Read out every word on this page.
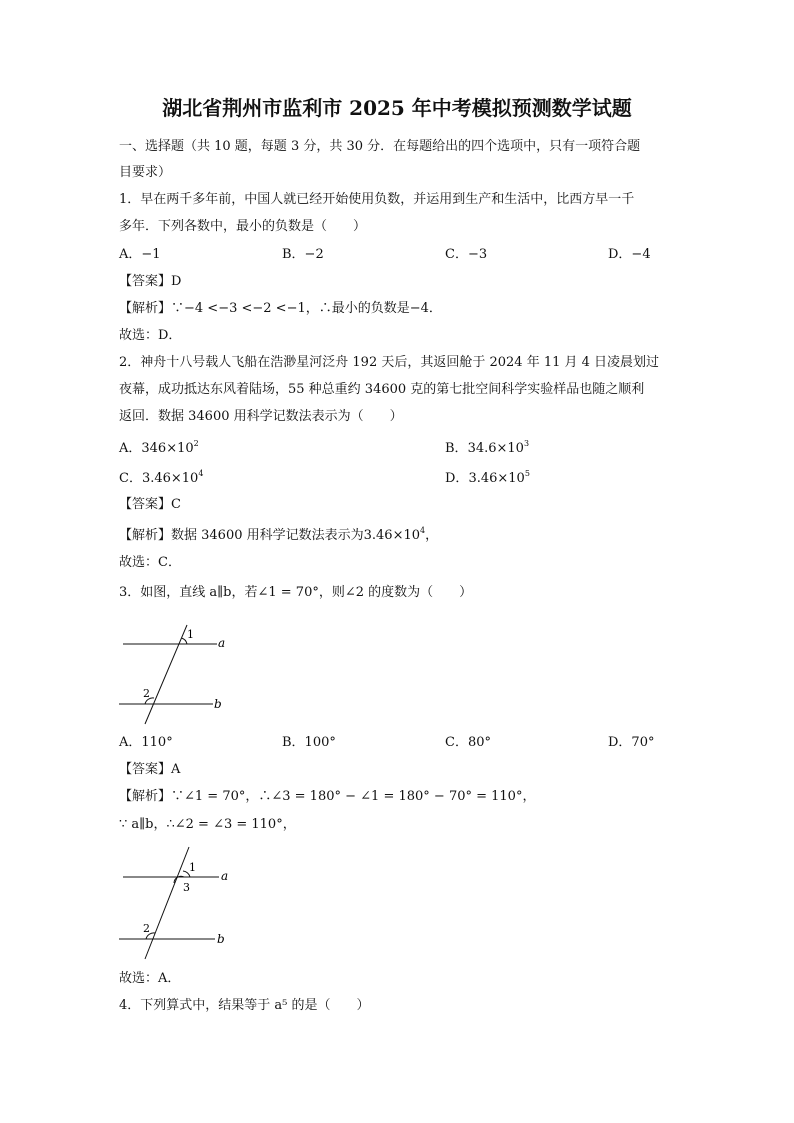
湖北省荆州市监利市 2025 年中考模拟预测数学试题
一、选择题（共 10 题，每题 3 分，共 30 分．在每题给出的四个选项中，只有一项符合题
目要求）
1．早在两千多年前，中国人就已经开始使用负数，并运用到生产和生活中，比西方早一千
多年．下列各数中，最小的负数是（　　）
A．−1	B．−2	C．−3	D．−4
【答案】D
【解析】∵−4 <−3 <−2 <−1，∴最小的负数是−4．
故选：D．
2．神舟十八号载人飞船在浩渺星河泛舟 192 天后，其返回舱于 2024 年 11 月 4 日凌晨划过
夜幕，成功抵达东风着陆场，55 种总重约 34600 克的第七批空间科学实验样品也随之顺利
返回．数据 34600 用科学记数法表示为（　　）
A．$346\times 10^2$	B．$34.6\times 10^3$
C．$3.46\times 10^4$	D．$3.46\times 10^5$
【答案】C
【解析】数据 34600 用科学记数法表示为$3.46\times 10^4$，
故选：C．
3．如图，直线 a∥b，若∠1 = 70°，则∠2 的度数为（　　）
1
2
a
b
A．110°	B．100°	C．80°	D．70°
【答案】A
【解析】∵∠1 = 70°，∴∠3 = 180° − ∠1 = 180° − 70° = 110°，
∵ a∥b，∴∠2 = ∠3 = 110°，
1
3
2
a
b
故选：A．
4．下列算式中，结果等于 a⁵ 的是（　　）
